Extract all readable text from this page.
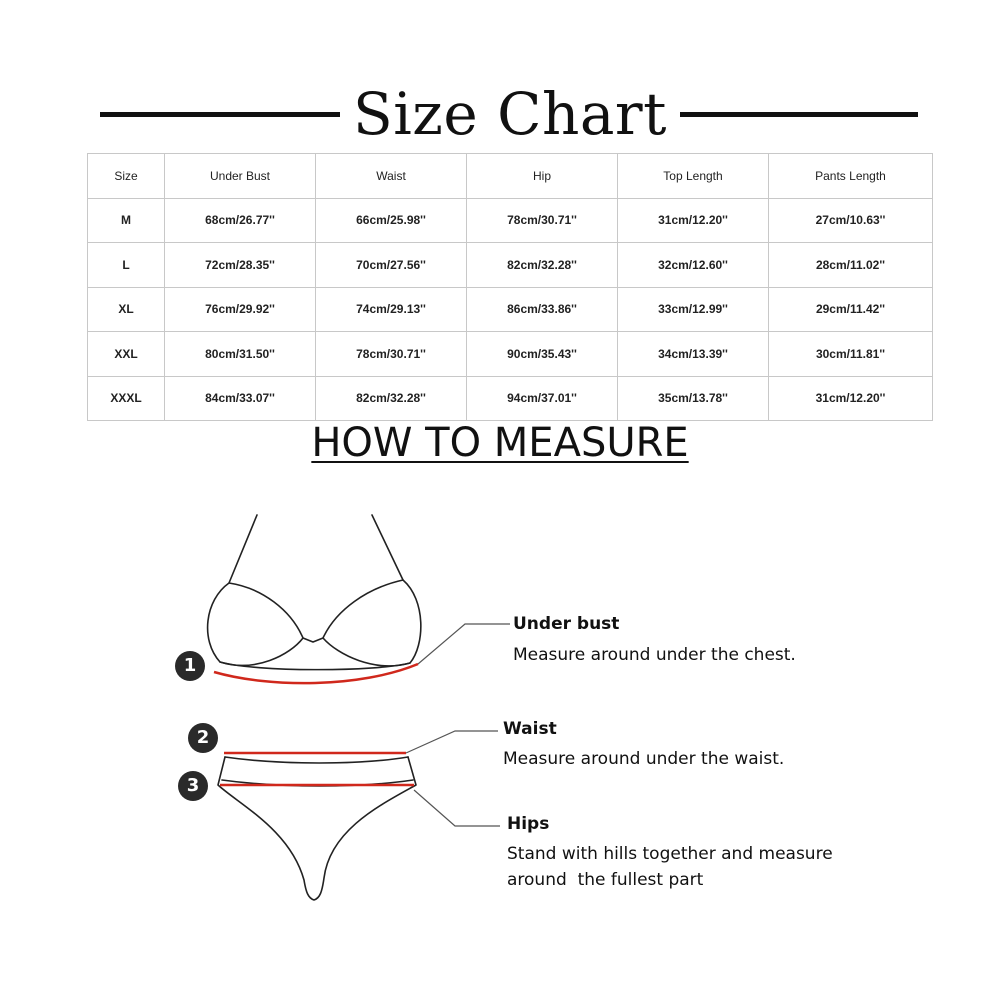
Size Chart
Size	Under Bust	Waist	Hip	Top Length	Pants Length
M	68cm/26.77''	66cm/25.98''	78cm/30.71''	31cm/12.20''	27cm/10.63''
L	72cm/28.35''	70cm/27.56''	82cm/32.28''	32cm/12.60''	28cm/11.02''
XL	76cm/29.92''	74cm/29.13''	86cm/33.86''	33cm/12.99''	29cm/11.42''
XXL	80cm/31.50''	78cm/30.71''	90cm/35.43''	34cm/13.39''	30cm/11.81''
XXXL	84cm/33.07''	82cm/32.28''	94cm/37.01''	35cm/13.78''	31cm/12.20''
HOW TO MEASURE
1
2
3
Under bust
Measure around under the chest.
Waist
Measure around under the waist.
Hips
Stand with hills together and measure
around  the fullest part
